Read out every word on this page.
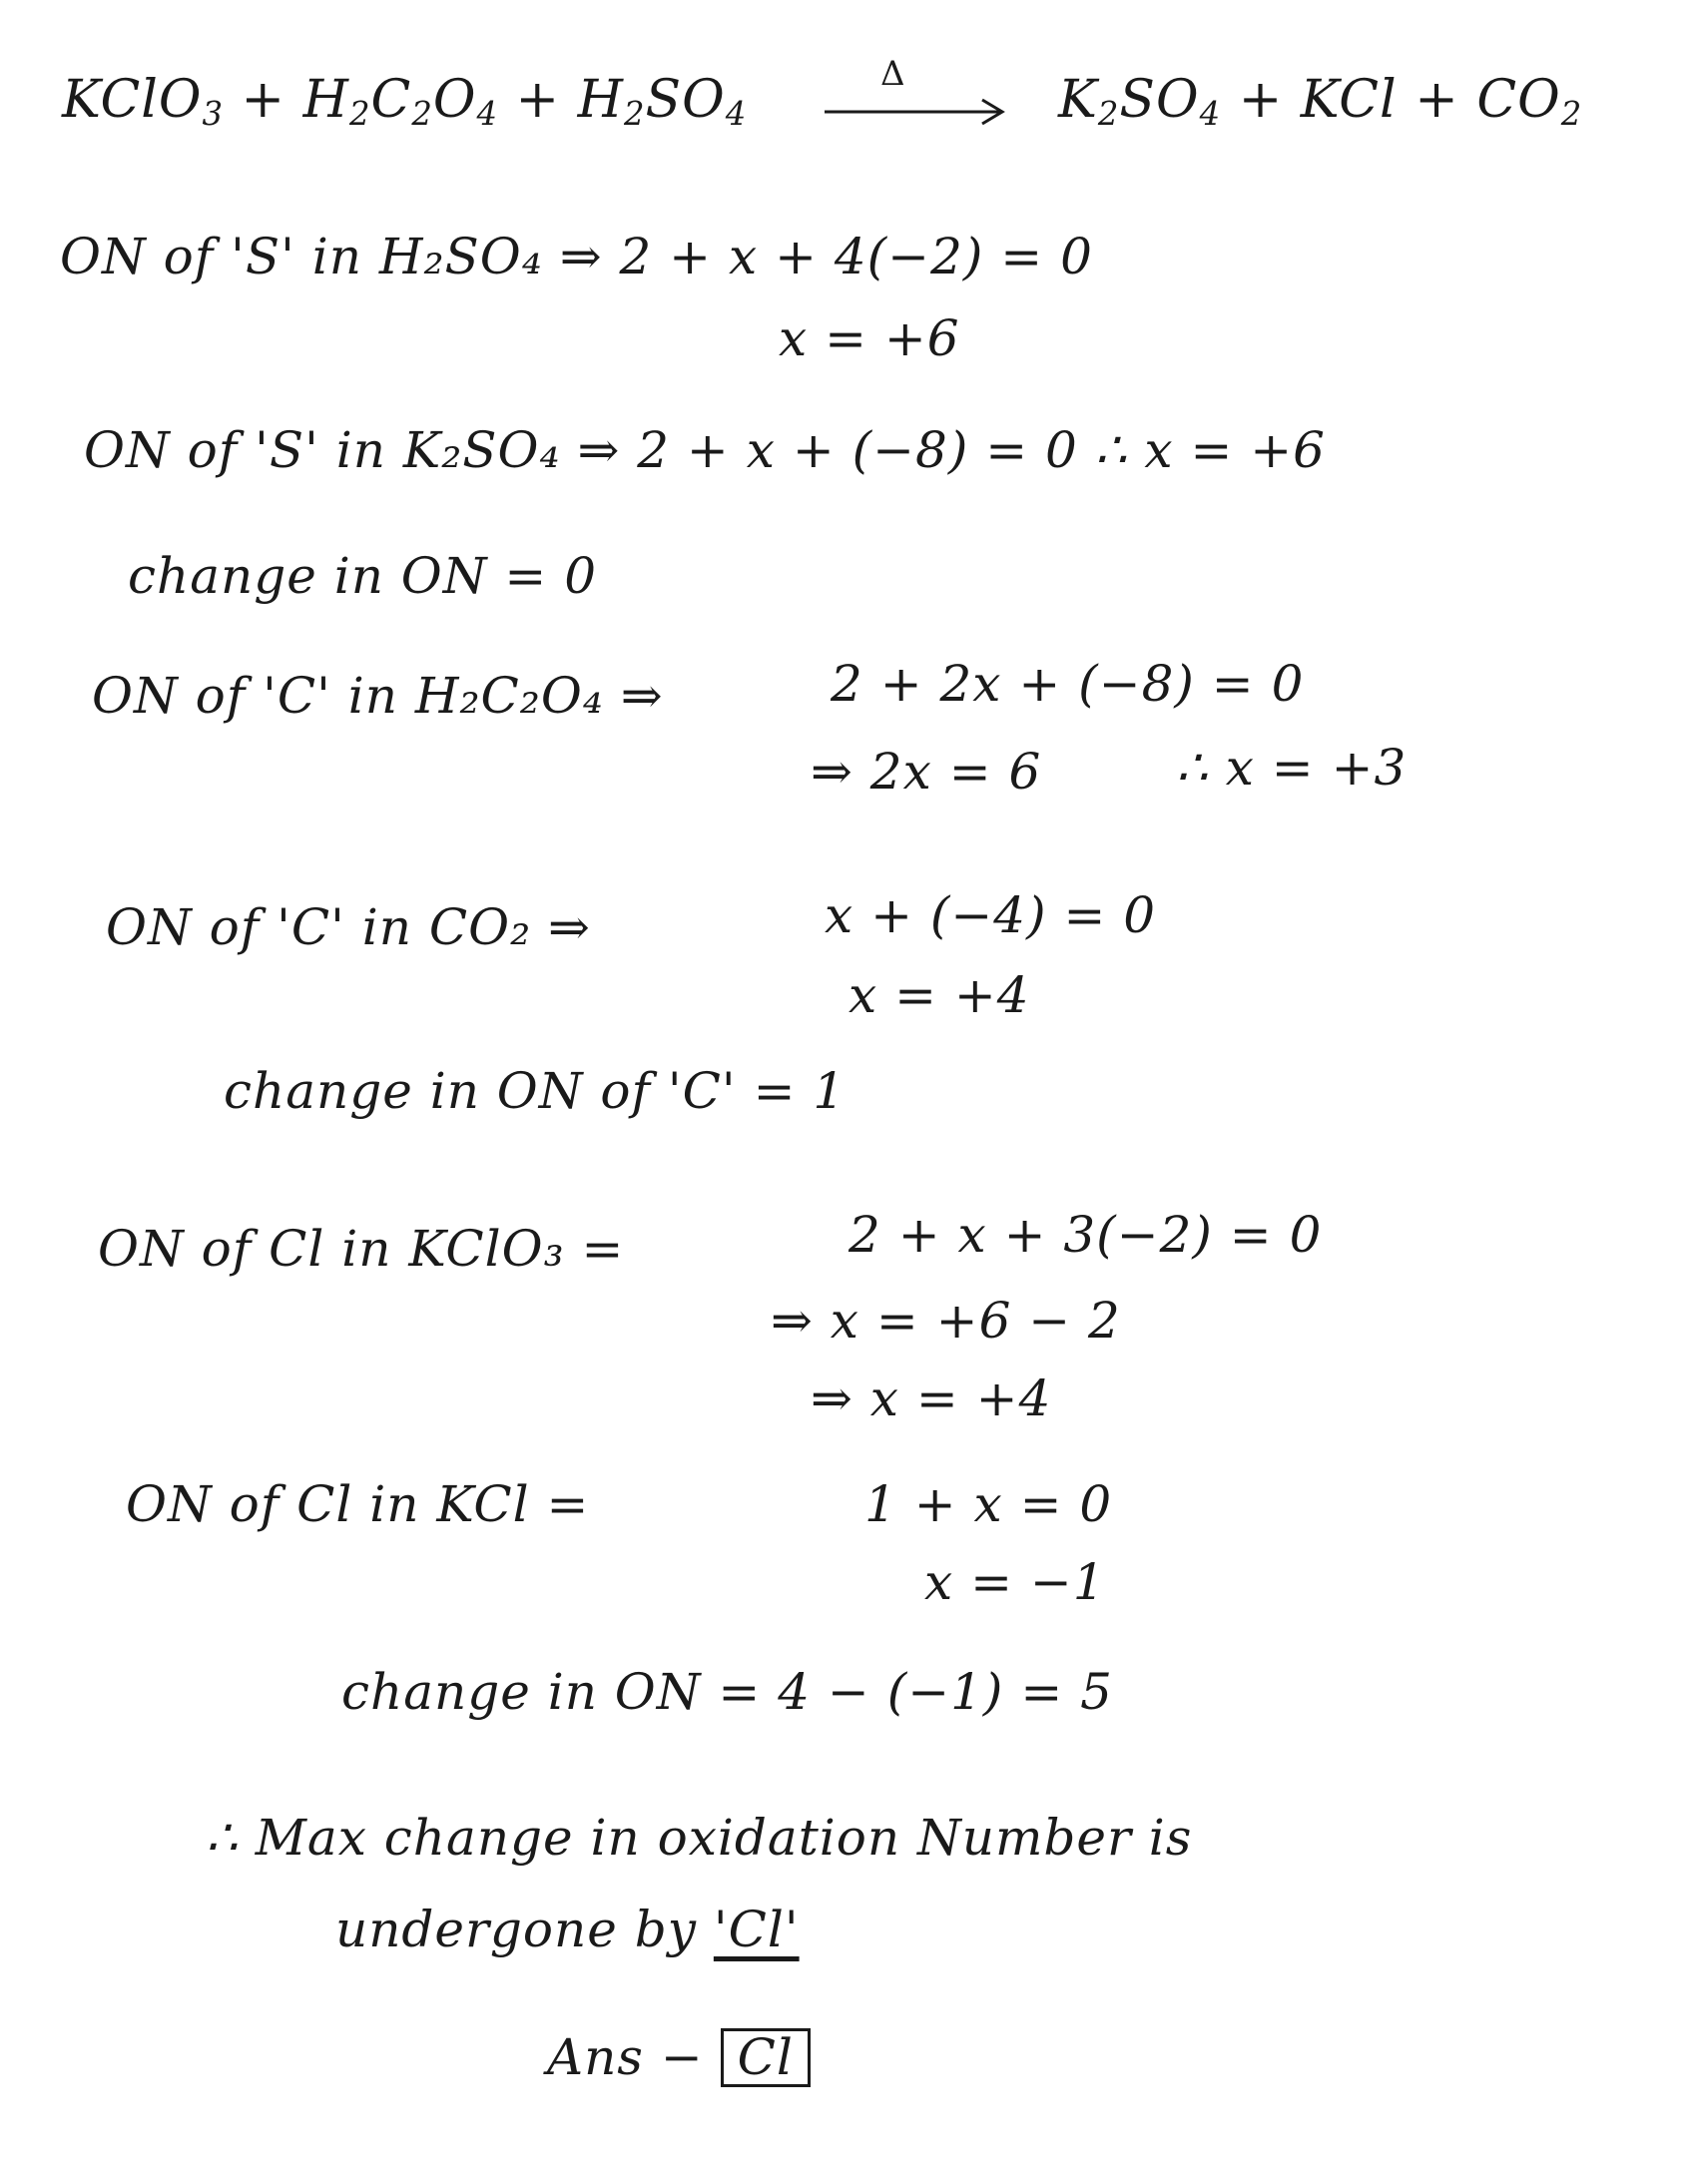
KClO$_3$ + $H_2C_2O_4 + H_2SO_4$
Δ	$K_2SO_4$ + KCl + $CO_2$
ON of 'S' in H₂SO₄ ⇒ 2 + x + 4(−2) = 0
x = +6
ON of 'S' in K₂SO₄ ⇒ 2 + x + (−8) = 0 ∴ x = +6
change in ON = 0
ON of 'C' in H₂C₂O₄ ⇒	2 + 2x + (−8) = 0
⇒ 2x = 6	∴ x = +3
ON of 'C' in CO₂ ⇒	x + (−4) = 0
x = +4
change in ON of 'C' = 1
ON of Cl in KClO₃ =	2 + x + 3(−2) = 0
⇒ x = +6 − 2
⇒ x = +4
ON of Cl in KCl =	1 + x = 0
x = −1
change in ON = 4 − (−1) = 5
∴ Max change in oxidation Number is
undergone by 'Cl'
Ans − Cl
